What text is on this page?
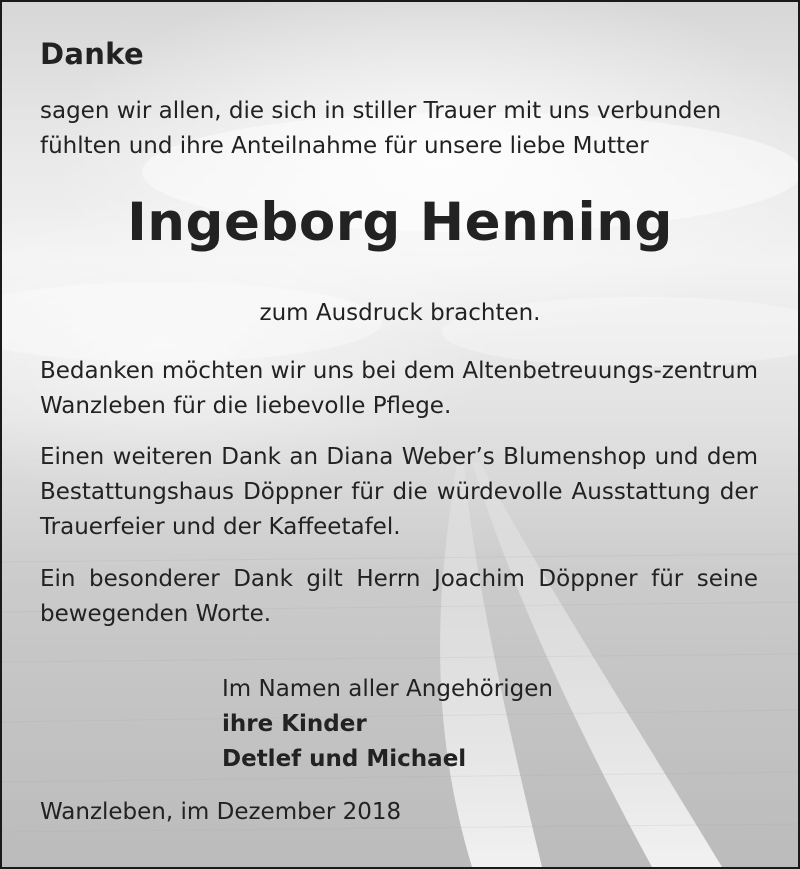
Danke
sagen wir allen, die sich in stiller Trauer mit uns verbunden
fühlten und ihre Anteilnahme für unsere liebe Mutter
Ingeborg Henning
zum Ausdruck brachten.
Bedanken möchten wir uns bei dem Altenbetreuungs-zentrum Wanzleben für die liebevolle Pflege.
Einen weiteren Dank an Diana Weber’s Blumenshop und dem Bestattungshaus Döppner für die würdevolle Ausstattung der Trauerfeier und der Kaffeetafel.
Ein besonderer Dank gilt Herrn Joachim Döppner für seine bewegenden Worte.
Im Namen aller Angehörigen
ihre Kinder
Detlef und Michael
Wanzleben, im Dezember 2018
